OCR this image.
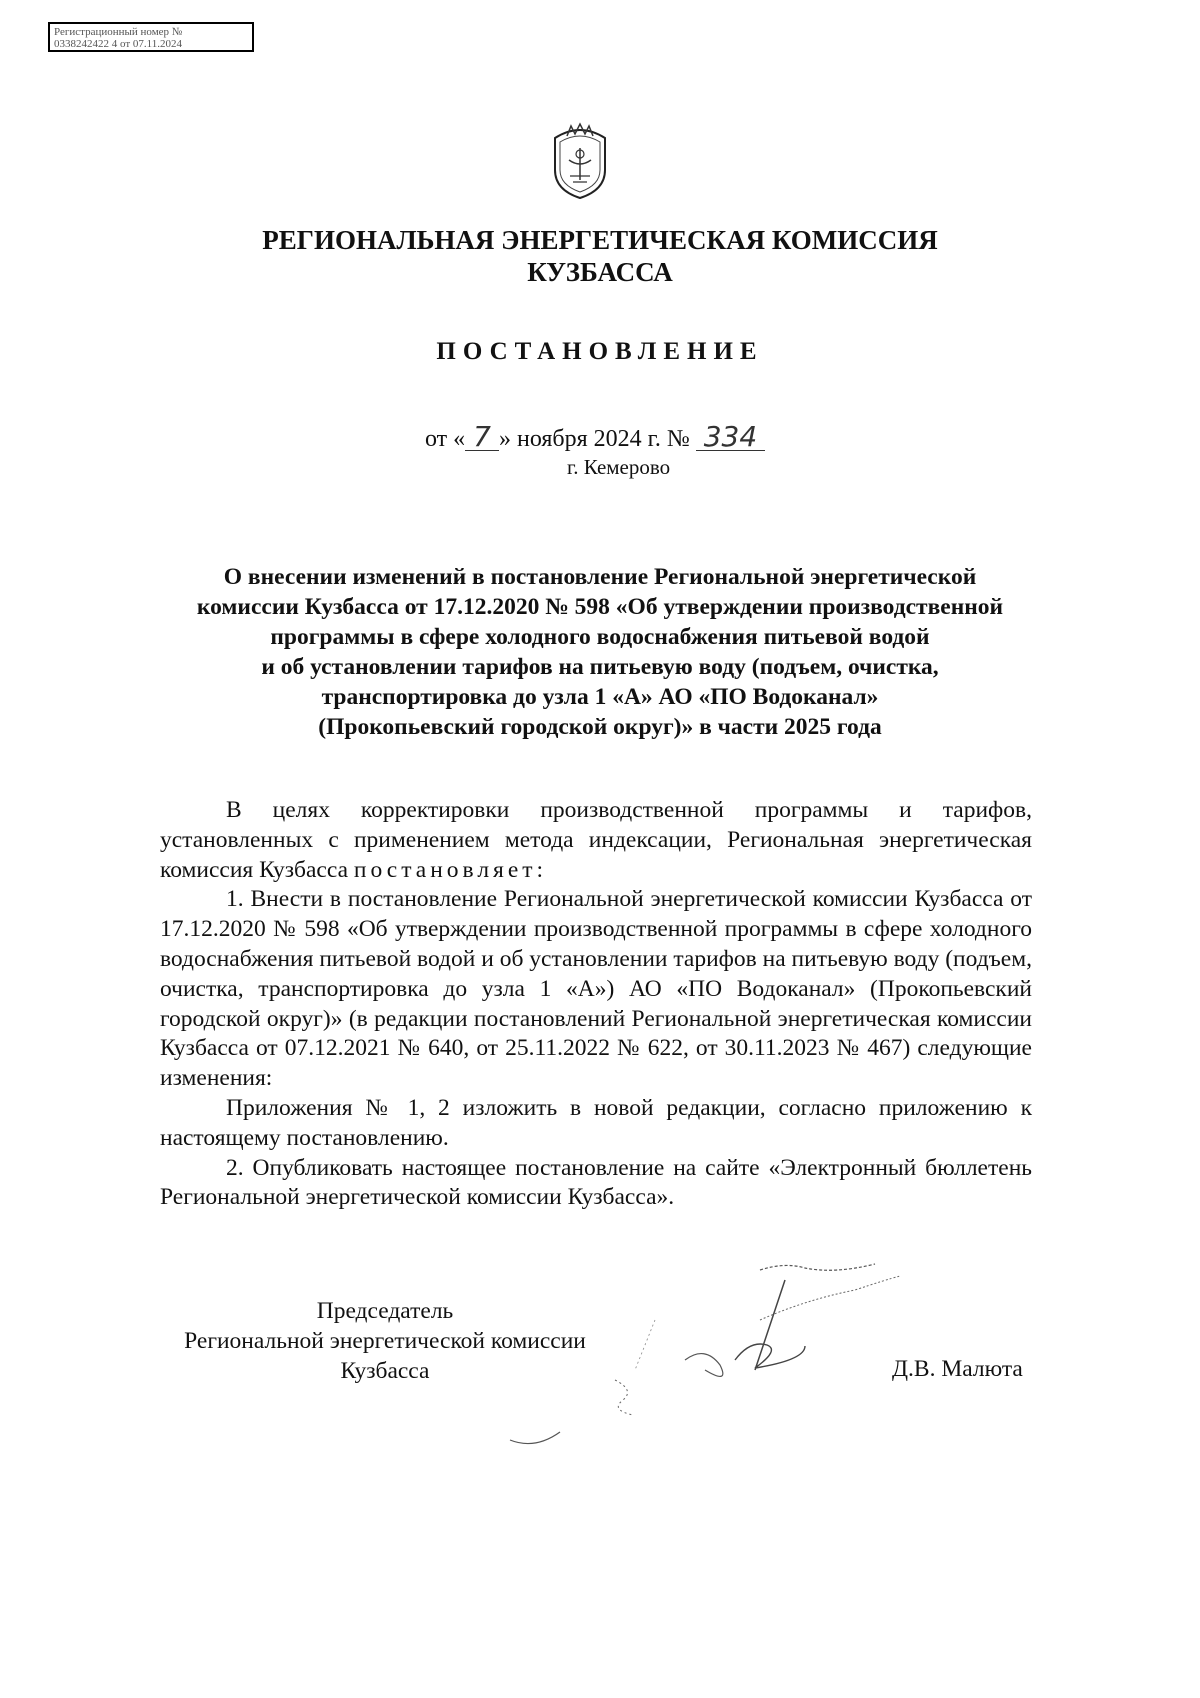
Регистрационный номер №
0338242422 4 от 07.11.2024
РЕГИОНАЛЬНАЯ ЭНЕРГЕТИЧЕСКАЯ КОМИССИЯ
КУЗБАССА
ПОСТАНОВЛЕНИЕ
от « 7 » ноября 2024 г. № 334
г. Кемерово
О внесении изменений в постановление Региональной энергетической
комиссии Кузбасса от 17.12.2020 № 598 «Об утверждении производственной
программы в сфере холодного водоснабжения питьевой водой
и об установлении тарифов на питьевую воду (подъем, очистка,
транспортировка до узла 1 «А» АО «ПО Водоканал»
(Прокопьевский городской округ)» в части 2025 года

В целях корректировки производственной программы и тарифов, установленных с применением метода индексации, Региональная энергетическая комиссия Кузбасса постановляет:

1. Внести в постановление Региональной энергетической комиссии Кузбасса от 17.12.2020 № 598 «Об утверждении производственной программы в сфере холодного водоснабжения питьевой водой и об установлении тарифов на питьевую воду (подъем, очистка, транспортировка до узла 1 «А») АО «ПО Водоканал» (Прокопьевский городской округ)» (в редакции постановлений Региональной энергетическая комиссии Кузбасса от 07.12.2021 № 640, от 25.11.2022 № 622, от 30.11.2023 № 467) следующие изменения:

Приложения № 1, 2 изложить в новой редакции, согласно приложению к настоящему постановлению.

2. Опубликовать настоящее постановление на сайте «Электронный бюллетень Региональной энергетической комиссии Кузбасса».

Председатель
Региональной энергетической комиссии
Кузбасса	Д.В. Малюта
